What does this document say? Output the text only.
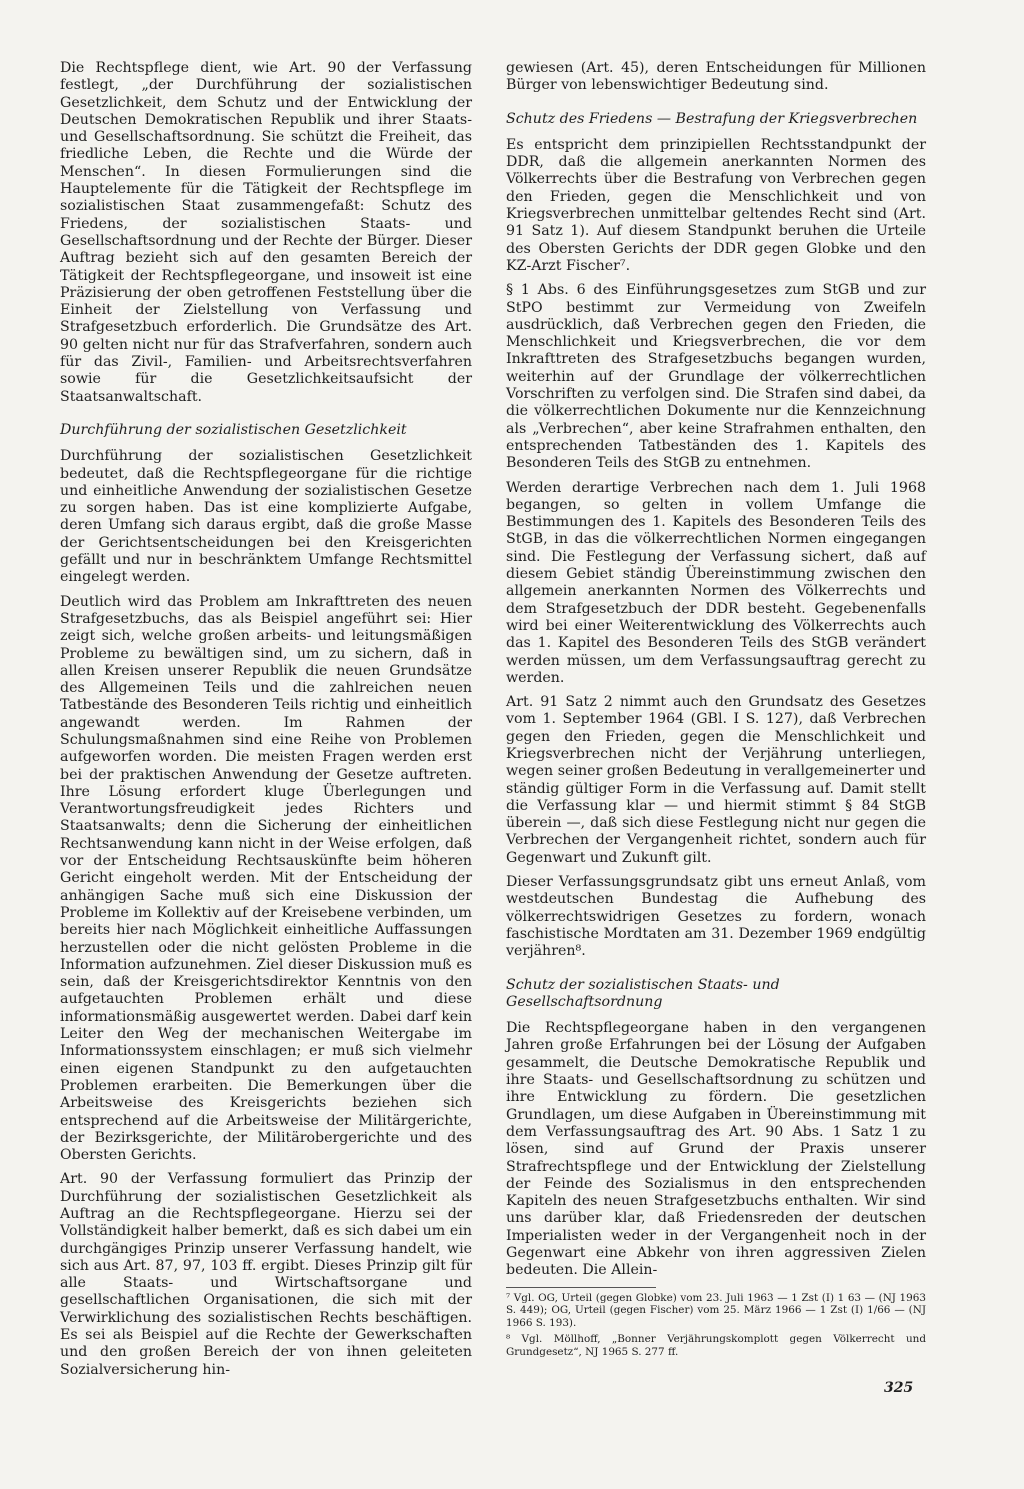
Die Rechtspflege dient, wie Art. 90 der Verfassung festlegt, „der Durchführung der sozialistischen Gesetzlichkeit, dem Schutz und der Entwicklung der Deutschen Demokratischen Republik und ihrer Staats- und Gesellschaftsordnung. Sie schützt die Freiheit, das friedliche Leben, die Rechte und die Würde der Menschen“. In diesen Formulierungen sind die Hauptelemente für die Tätigkeit der Rechtspflege im sozialistischen Staat zusammengefaßt: Schutz des Friedens, der sozialistischen Staats- und Gesellschaftsordnung und der Rechte der Bürger. Dieser Auftrag bezieht sich auf den gesamten Bereich der Tätigkeit der Rechtspflegeorgane, und insoweit ist eine Präzisierung der oben getroffenen Feststellung über die Einheit der Zielstellung von Verfassung und Strafgesetzbuch erforderlich. Die Grundsätze des Art. 90 gelten nicht nur für das Strafverfahren, sondern auch für das Zivil-, Familien- und Arbeitsrechtsverfahren sowie für die Gesetzlichkeitsaufsicht der Staatsanwaltschaft.

Durchführung der sozialistischen Gesetzlichkeit

Durchführung der sozialistischen Gesetzlichkeit bedeutet, daß die Rechtspflegeorgane für die richtige und einheitliche Anwendung der sozialistischen Gesetze zu sorgen haben. Das ist eine komplizierte Aufgabe, deren Umfang sich daraus ergibt, daß die große Masse der Gerichtsentscheidungen bei den Kreisgerichten gefällt und nur in beschränktem Umfange Rechtsmittel eingelegt werden.

Deutlich wird das Problem am Inkrafttreten des neuen Strafgesetzbuchs, das als Beispiel angeführt sei: Hier zeigt sich, welche großen arbeits- und leitungsmäßigen Probleme zu bewältigen sind, um zu sichern, daß in allen Kreisen unserer Republik die neuen Grundsätze des Allgemeinen Teils und die zahlreichen neuen Tatbestände des Besonderen Teils richtig und einheitlich angewandt werden. Im Rahmen der Schulungsmaßnahmen sind eine Reihe von Problemen aufgeworfen worden. Die meisten Fragen werden erst bei der praktischen Anwendung der Gesetze auftreten. Ihre Lösung erfordert kluge Überlegungen und Verantwortungsfreudigkeit jedes Richters und Staatsanwalts; denn die Sicherung der einheitlichen Rechtsanwendung kann nicht in der Weise erfolgen, daß vor der Entscheidung Rechtsauskünfte beim höheren Gericht eingeholt werden. Mit der Entscheidung der anhängigen Sache muß sich eine Diskussion der Probleme im Kollektiv auf der Kreisebene verbinden, um bereits hier nach Möglichkeit einheitliche Auffassungen herzustellen oder die nicht gelösten Probleme in die Information aufzunehmen. Ziel dieser Diskussion muß es sein, daß der Kreisgerichtsdirektor Kenntnis von den aufgetauchten Problemen erhält und diese informationsmäßig ausgewertet werden. Dabei darf kein Leiter den Weg der mechanischen Weitergabe im Informationssystem einschlagen; er muß sich vielmehr einen eigenen Standpunkt zu den aufgetauchten Problemen erarbeiten. Die Bemerkungen über die Arbeitsweise des Kreisgerichts beziehen sich entsprechend auf die Arbeitsweise der Militärgerichte, der Bezirksgerichte, der Militärobergerichte und des Obersten Gerichts.

Art. 90 der Verfassung formuliert das Prinzip der Durchführung der sozialistischen Gesetzlichkeit als Auftrag an die Rechtspflegeorgane. Hierzu sei der Vollständigkeit halber bemerkt, daß es sich dabei um ein durchgängiges Prinzip unserer Verfassung handelt, wie sich aus Art. 87, 97, 103 ff. ergibt. Dieses Prinzip gilt für alle Staats- und Wirtschaftsorgane und gesellschaftlichen Organisationen, die sich mit der Verwirklichung des sozialistischen Rechts beschäftigen. Es sei als Beispiel auf die Rechte der Gewerkschaften und den großen Bereich der von ihnen geleiteten Sozialversicherung hin-

gewiesen (Art. 45), deren Entscheidungen für Millionen Bürger von lebenswichtiger Bedeutung sind.

Schutz des Friedens — Bestrafung der Kriegsverbrechen

Es entspricht dem prinzipiellen Rechtsstandpunkt der DDR, daß die allgemein anerkannten Normen des Völkerrechts über die Bestrafung von Verbrechen gegen den Frieden, gegen die Menschlichkeit und von Kriegsverbrechen unmittelbar geltendes Recht sind (Art. 91 Satz 1). Auf diesem Standpunkt beruhen die Urteile des Obersten Gerichts der DDR gegen Globke und den KZ-Arzt Fischer⁷.

§ 1 Abs. 6 des Einführungsgesetzes zum StGB und zur StPO bestimmt zur Vermeidung von Zweifeln ausdrücklich, daß Verbrechen gegen den Frieden, die Menschlichkeit und Kriegsverbrechen, die vor dem Inkrafttreten des Strafgesetzbuchs begangen wurden, weiterhin auf der Grundlage der völkerrechtlichen Vorschriften zu verfolgen sind. Die Strafen sind dabei, da die völkerrechtlichen Dokumente nur die Kennzeichnung als „Verbrechen“, aber keine Strafrahmen enthalten, den entsprechenden Tatbeständen des 1. Kapitels des Besonderen Teils des StGB zu entnehmen.

Werden derartige Verbrechen nach dem 1. Juli 1968 begangen, so gelten in vollem Umfange die Bestimmungen des 1. Kapitels des Besonderen Teils des StGB, in das die völkerrechtlichen Normen eingegangen sind. Die Festlegung der Verfassung sichert, daß auf diesem Gebiet ständig Übereinstimmung zwischen den allgemein anerkannten Normen des Völkerrechts und dem Strafgesetzbuch der DDR besteht. Gegebenenfalls wird bei einer Weiterentwicklung des Völkerrechts auch das 1. Kapitel des Besonderen Teils des StGB verändert werden müssen, um dem Verfassungsauftrag gerecht zu werden.

Art. 91 Satz 2 nimmt auch den Grundsatz des Gesetzes vom 1. September 1964 (GBl. I S. 127), daß Verbrechen gegen den Frieden, gegen die Menschlichkeit und Kriegsverbrechen nicht der Verjährung unterliegen, wegen seiner großen Bedeutung in verallgemeinerter und ständig gültiger Form in die Verfassung auf. Damit stellt die Verfassung klar — und hiermit stimmt § 84 StGB überein —, daß sich diese Festlegung nicht nur gegen die Verbrechen der Vergangenheit richtet, sondern auch für Gegenwart und Zukunft gilt.

Dieser Verfassungsgrundsatz gibt uns erneut Anlaß, vom westdeutschen Bundestag die Aufhebung des völkerrechtswidrigen Gesetzes zu fordern, wonach faschistische Mordtaten am 31. Dezember 1969 endgültig verjähren⁸.

Schutz der sozialistischen Staats- und Gesellschaftsordnung

Die Rechtspflegeorgane haben in den vergangenen Jahren große Erfahrungen bei der Lösung der Aufgaben gesammelt, die Deutsche Demokratische Republik und ihre Staats- und Gesellschaftsordnung zu schützen und ihre Entwicklung zu fördern. Die gesetzlichen Grundlagen, um diese Aufgaben in Übereinstimmung mit dem Verfassungsauftrag des Art. 90 Abs. 1 Satz 1 zu lösen, sind auf Grund der Praxis unserer Strafrechtspflege und der Entwicklung der Zielstellung der Feinde des Sozialismus in den entsprechenden Kapiteln des neuen Strafgesetzbuchs enthalten. Wir sind uns darüber klar, daß Friedensreden der deutschen Imperialisten weder in der Vergangenheit noch in der Gegenwart eine Abkehr von ihren aggressiven Zielen bedeuten. Die Allein-

⁷ Vgl. OG, Urteil (gegen Globke) vom 23. Juli 1963 — 1 Zst (I) 1 63 — (NJ 1963 S. 449); OG, Urteil (gegen Fischer) vom 25. März 1966 — 1 Zst (I) 1/66 — (NJ 1966 S. 193).

⁸ Vgl. Möllhoff, „Bonner Verjährungskomplott gegen Völkerrecht und Grundgesetz“, NJ 1965 S. 277 ff.

325
